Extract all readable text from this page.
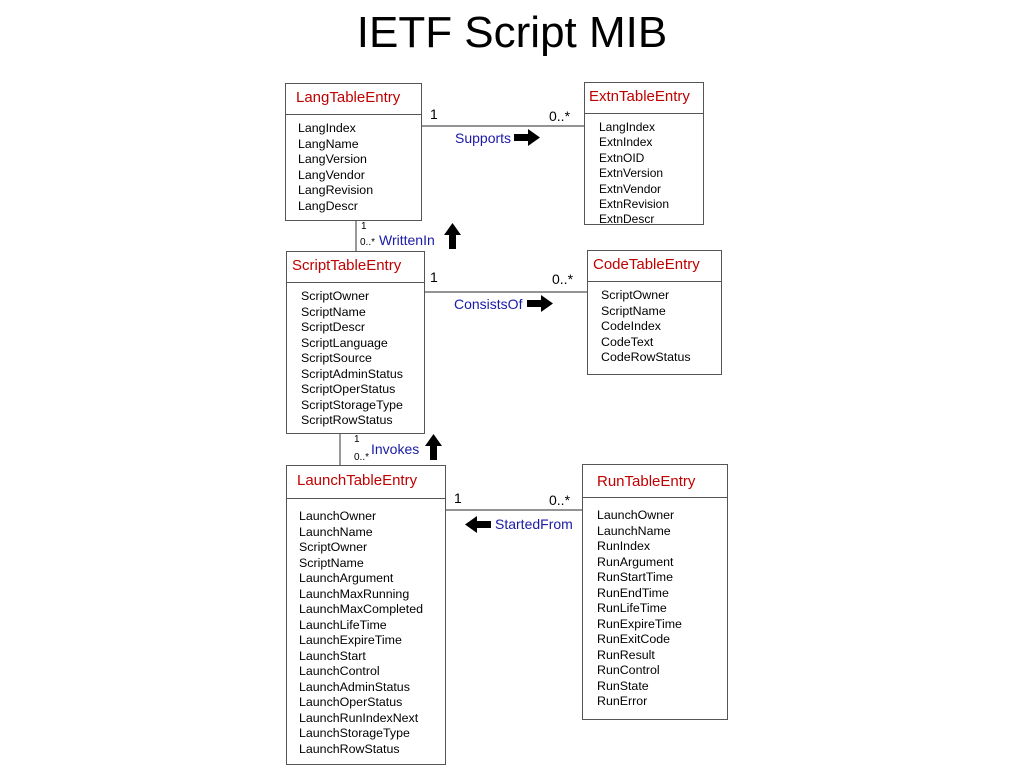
IETF Script MIB
LangTableEntry
LangIndex
LangName
LangVersion
LangVendor
LangRevision
LangDescr
ExtnTableEntry
LangIndex
ExtnIndex
ExtnOID
ExtnVersion
ExtnVendor
ExtnRevision
ExtnDescr
ScriptTableEntry
ScriptOwner
ScriptName
ScriptDescr
ScriptLanguage
ScriptSource
ScriptAdminStatus
ScriptOperStatus
ScriptStorageType
ScriptRowStatus
CodeTableEntry
ScriptOwner
ScriptName
CodeIndex
CodeText
CodeRowStatus
LaunchTableEntry
LaunchOwner
LaunchName
ScriptOwner
ScriptName
LaunchArgument
LaunchMaxRunning
LaunchMaxCompleted
LaunchLifeTime
LaunchExpireTime
LaunchStart
LaunchControl
LaunchAdminStatus
LaunchOperStatus
LaunchRunIndexNext
LaunchStorageType
LaunchRowStatus
RunTableEntry
LaunchOwner
LaunchName
RunIndex
RunArgument
RunStartTime
RunEndTime
RunLifeTime
RunExpireTime
RunExitCode
RunResult
RunControl
RunState
RunError
1	0..*
Supports
1
0..* WrittenIn
1	0..*
ConsistsOf
1
0..*
Invokes
1	0..*
StartedFrom
